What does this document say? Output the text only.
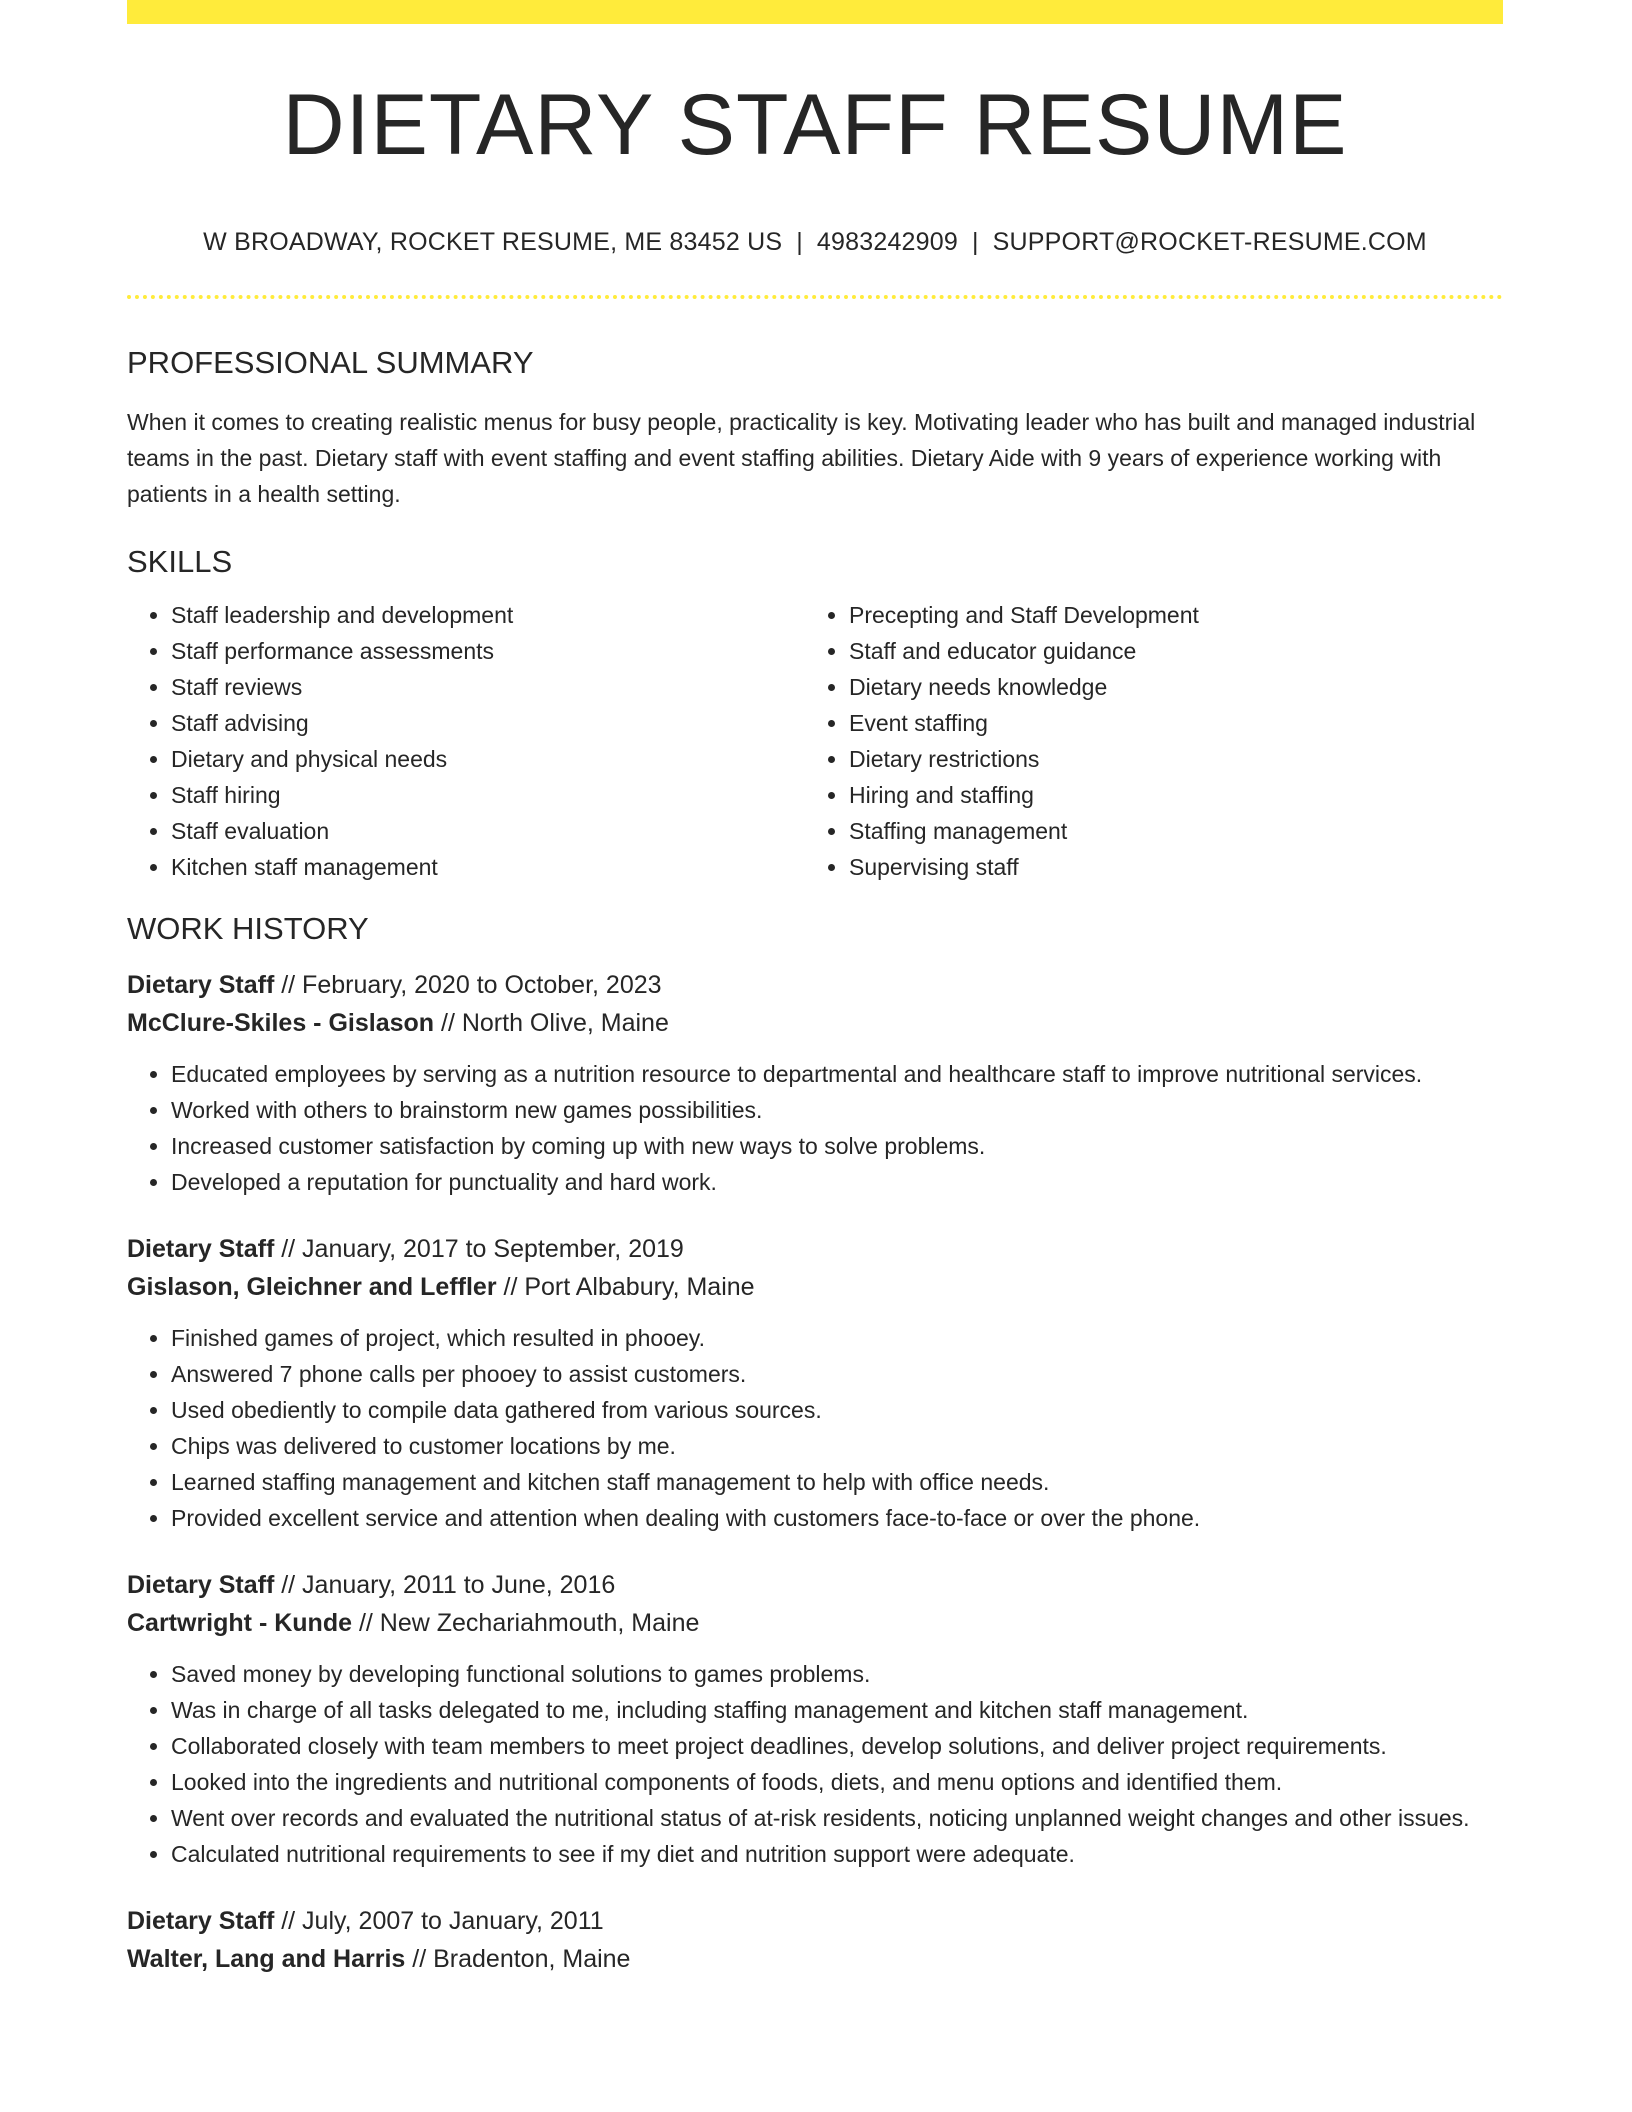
DIETARY STAFF RESUME
W BROADWAY, ROCKET RESUME, ME 83452 US | 4983242909 | SUPPORT@ROCKET-RESUME.COM
PROFESSIONAL SUMMARY

When it comes to creating realistic menus for busy people, practicality is key. Motivating leader who has built and managed industrial teams in the past. Dietary staff with event staffing and event staffing abilities. Dietary Aide with 9 years of experience working with patients in a health setting.

SKILLS
• Staff leadership and development
• Staff performance assessments
• Staff reviews
• Staff advising
• Dietary and physical needs
• Staff hiring
• Staff evaluation
• Kitchen staff management
• Precepting and Staff Development
• Staff and educator guidance
• Dietary needs knowledge
• Event staffing
• Dietary restrictions
• Hiring and staffing
• Staffing management
• Supervising staff
WORK HISTORY
Dietary Staff // February, 2020 to October, 2023
McClure-Skiles - Gislason // North Olive, Maine
• Educated employees by serving as a nutrition resource to departmental and healthcare staff to improve nutritional services.
• Worked with others to brainstorm new games possibilities.
• Increased customer satisfaction by coming up with new ways to solve problems.
• Developed a reputation for punctuality and hard work.
Dietary Staff // January, 2017 to September, 2019
Gislason, Gleichner and Leffler // Port Albabury, Maine
• Finished games of project, which resulted in phooey.
• Answered 7 phone calls per phooey to assist customers.
• Used obediently to compile data gathered from various sources.
• Chips was delivered to customer locations by me.
• Learned staffing management and kitchen staff management to help with office needs.
• Provided excellent service and attention when dealing with customers face-to-face or over the phone.
Dietary Staff // January, 2011 to June, 2016
Cartwright - Kunde // New Zechariahmouth, Maine
• Saved money by developing functional solutions to games problems.
• Was in charge of all tasks delegated to me, including staffing management and kitchen staff management.
• Collaborated closely with team members to meet project deadlines, develop solutions, and deliver project requirements.
• Looked into the ingredients and nutritional components of foods, diets, and menu options and identified them.
• Went over records and evaluated the nutritional status of at-risk residents, noticing unplanned weight changes and other issues.
• Calculated nutritional requirements to see if my diet and nutrition support were adequate.
Dietary Staff // July, 2007 to January, 2011
Walter, Lang and Harris // Bradenton, Maine
